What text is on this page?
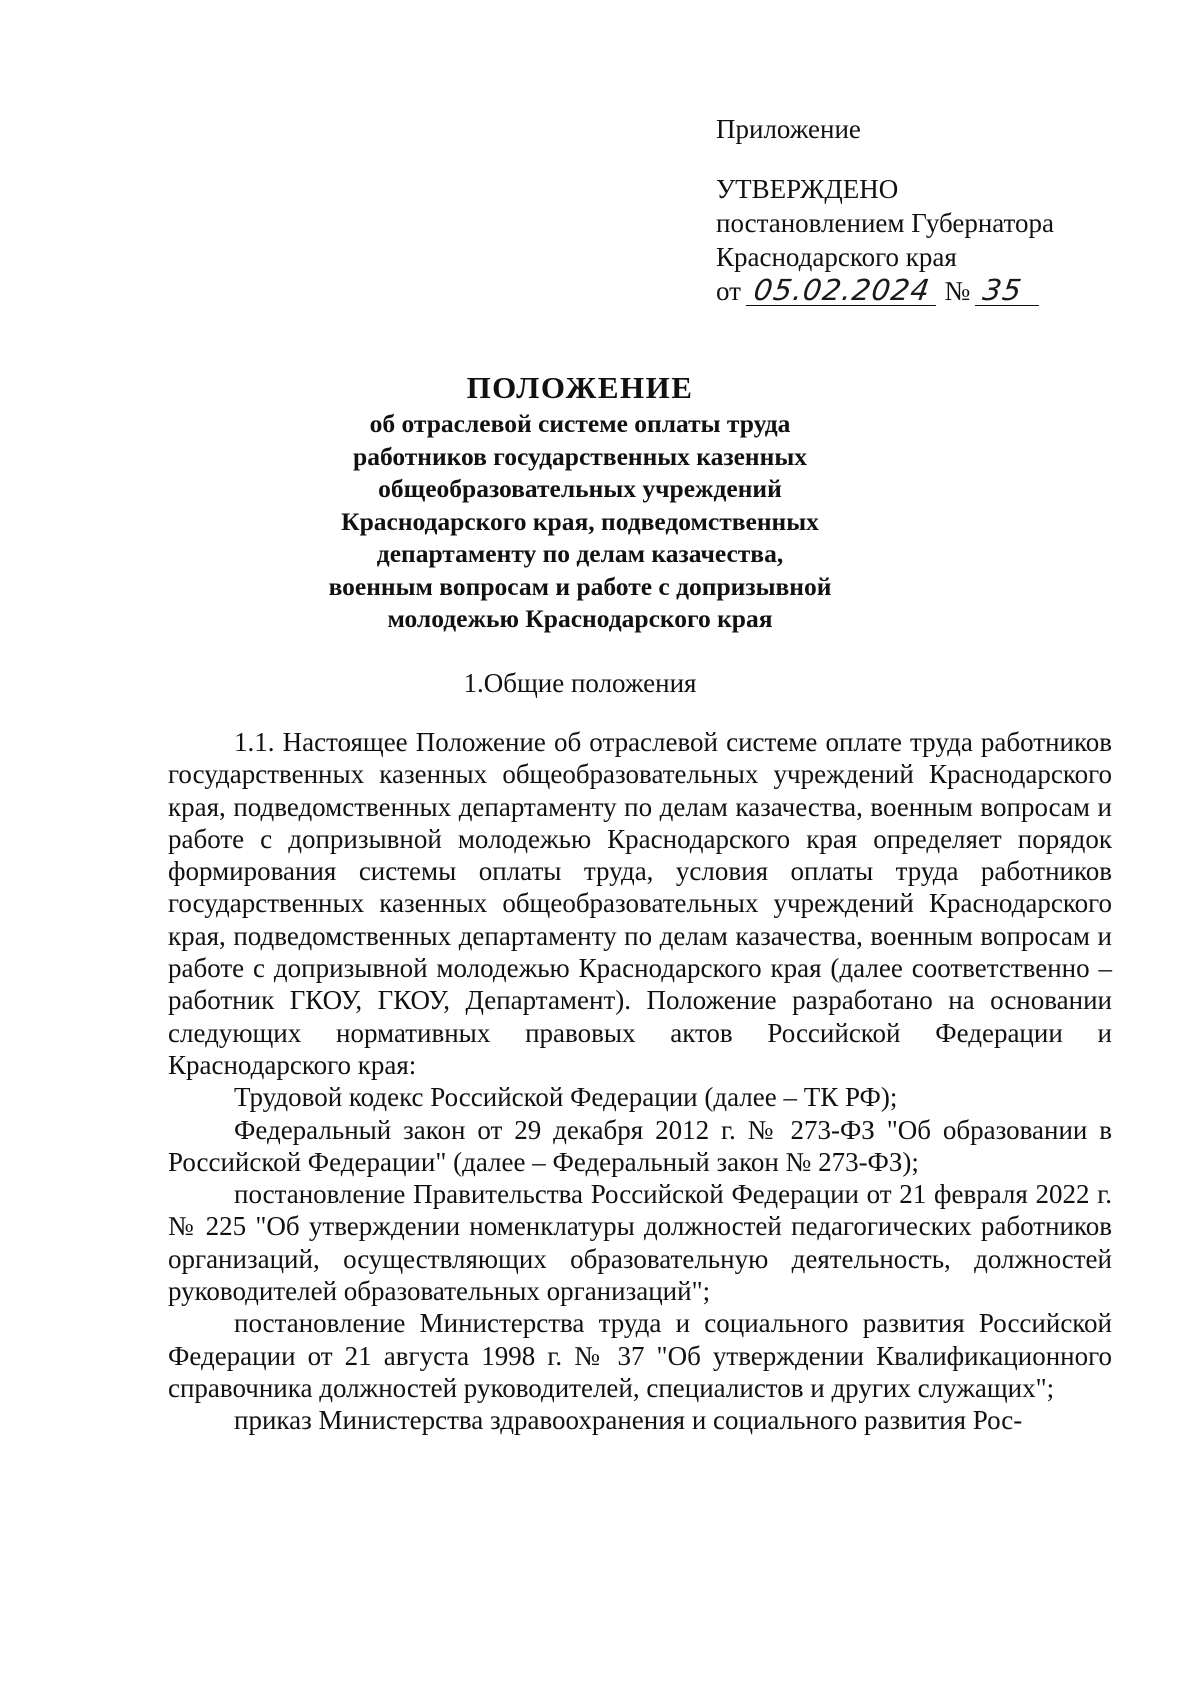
Приложение
УТВЕРЖДЕНО
постановлением Губернатора
Краснодарского края
от 05.02.2024 № 35
ПОЛОЖЕНИЕ
об отраслевой системе оплаты труда
работников государственных казенных
общеобразовательных учреждений
Краснодарского края, подведомственных
департаменту по делам казачества,
военным вопросам и работе с допризывной
молодежью Краснодарского края
1.Общие положения

1.1. Настоящее Положение об отраслевой системе оплате труда работников государственных казенных общеобразовательных учреждений Краснодарского края, подведомственных департаменту по делам казачества, военным вопросам и работе с допризывной молодежью Краснодарского края определяет порядок формирования системы оплаты труда, условия оплаты труда работников государственных казенных общеобразовательных учреждений Краснодарского края, подведомственных департаменту по делам казачества, военным вопросам и работе с допризывной молодежью Краснодарского края (далее соответственно – работник ГКОУ, ГКОУ, Департамент). Положение разработано на основании следующих нормативных правовых актов Российской Федерации и Краснодарского края:

Трудовой кодекс Российской Федерации (далее – ТК РФ);

Федеральный закон от 29 декабря 2012 г. № 273-ФЗ "Об образовании в Российской Федерации" (далее – Федеральный закон № 273-ФЗ);

постановление Правительства Российской Федерации от 21 февраля 2022 г. № 225 "Об утверждении номенклатуры должностей педагогических работников организаций, осуществляющих образовательную деятельность, должностей руководителей образовательных организаций";

постановление Министерства труда и социального развития Российской Федерации от 21 августа 1998 г. № 37 "Об утверждении Квалификационного справочника должностей руководителей, специалистов и других служащих";

приказ Министерства здравоохранения и социального развития Рос-
